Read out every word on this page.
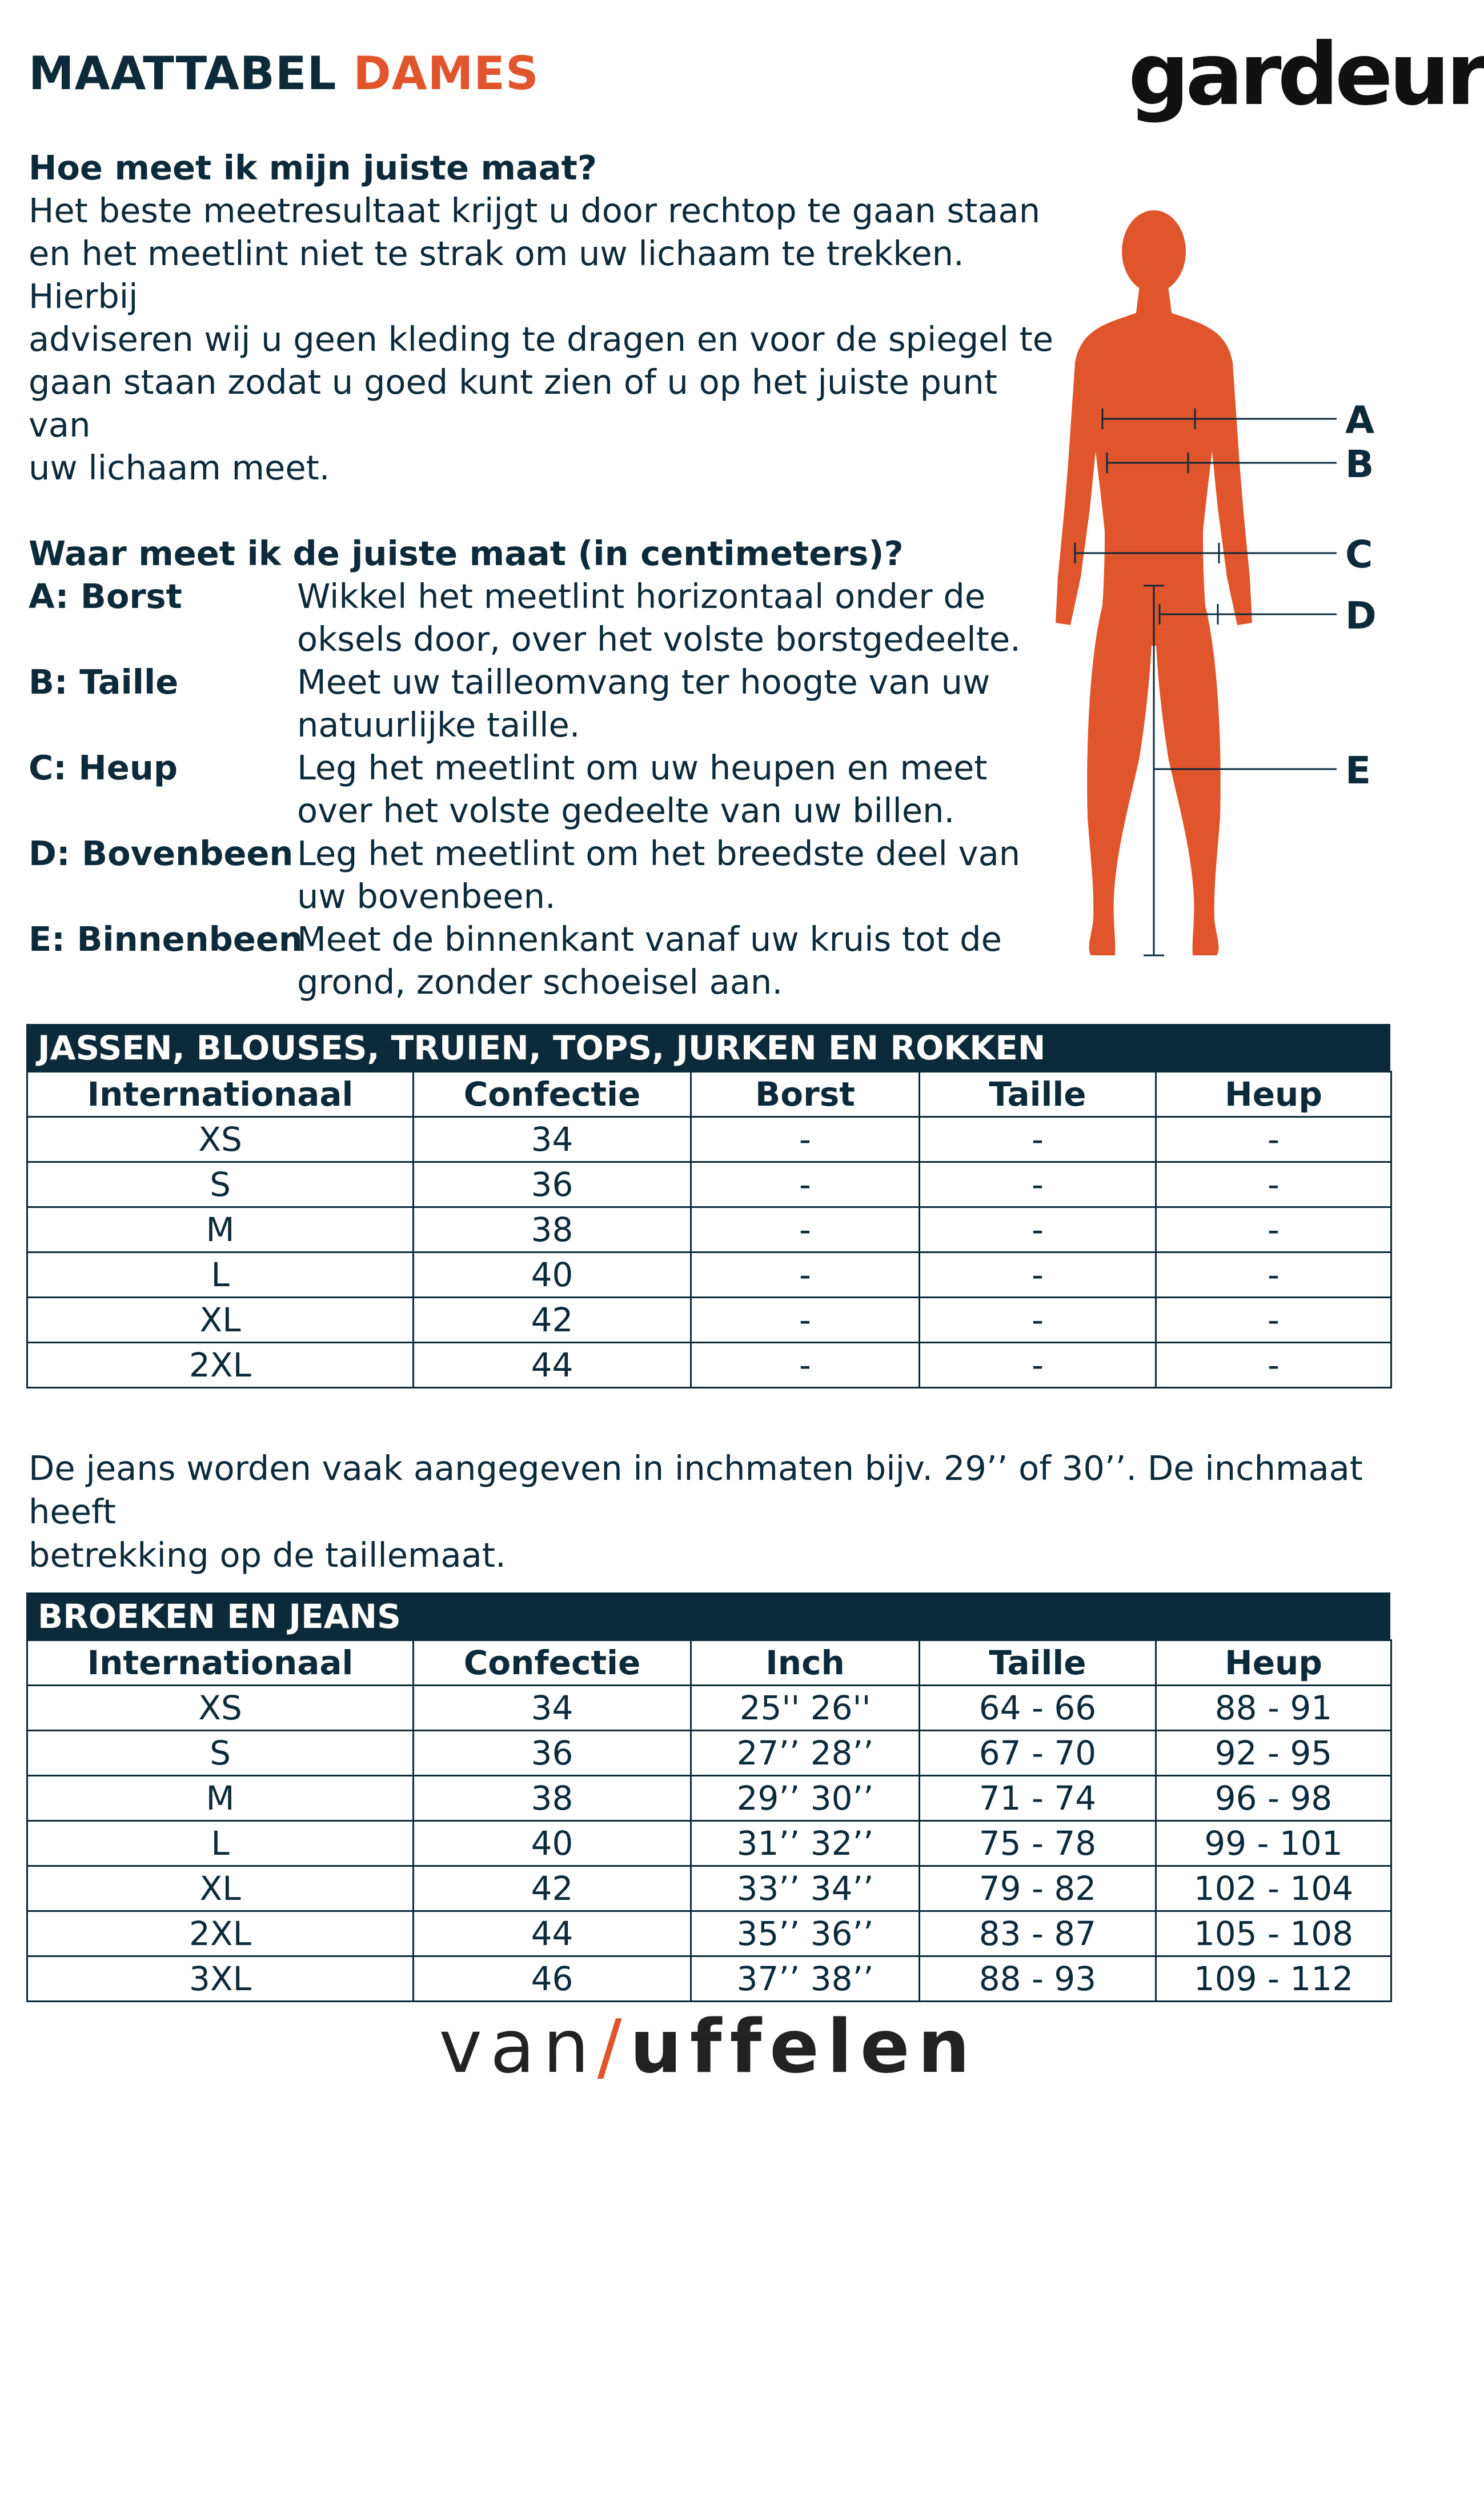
MAATTABEL DAMES	gardeur

Hoe meet ik mijn juiste maat?

Het beste meetresultaat krijgt u door rechtop te gaan staan

en het meetlint niet te strak om uw lichaam te trekken. Hierbij

adviseren wij u geen kleding te dragen en voor de spiegel te

gaan staan zodat u goed kunt zien of u op het juiste punt van

uw lichaam meet.

Waar meet ik de juiste maat (in centimeters)?

A: Borst	Wikkel het meetlint horizontaal onder de
oksels door, over het volste borstgedeelte.
B: Taille	Meet uw tailleomvang ter hoogte van uw
natuurlijke taille.
C: Heup	Leg het meetlint om uw heupen en meet
over het volste gedeelte van uw billen.
D: Bovenbeen Leg het meetlint om het breedste deel van
uw bovenbeen.
E: Binnenbeen
Meet de binnenkant vanaf uw kruis tot de
grond, zonder schoeisel aan.
A
B
C
D
E
JASSEN, BLOUSES, TRUIEN, TOPS, JURKEN EN ROKKEN
Internationaal	Confectie	Borst	Taille	Heup
XS	34	-	-	-
S	36	-	-	-
M	38	-	-	-
L	40	-	-	-
XL	42	-	-	-
2XL	44	-	-	-
De jeans worden vaak aangegeven in inchmaten bijv. 29’’ of 30’’. De inchmaat heeft
betrekking op de taillemaat.
BROEKEN EN JEANS
Internationaal	Confectie	Inch	Taille	Heup
XS	34	25'' 26''	64 - 66	88 - 91
S	36	27’’ 28’’	67 - 70	92 - 95
M	38	29’’ 30’’	71 - 74	96 - 98
L	40	31’’ 32’’	75 - 78	99 - 101
XL	42	33’’ 34’’	79 - 82	102 - 104
2XL	44	35’’ 36’’	83 - 87	105 - 108
3XL	46	37’’ 38’’	88 - 93	109 - 112
van/uffelen
